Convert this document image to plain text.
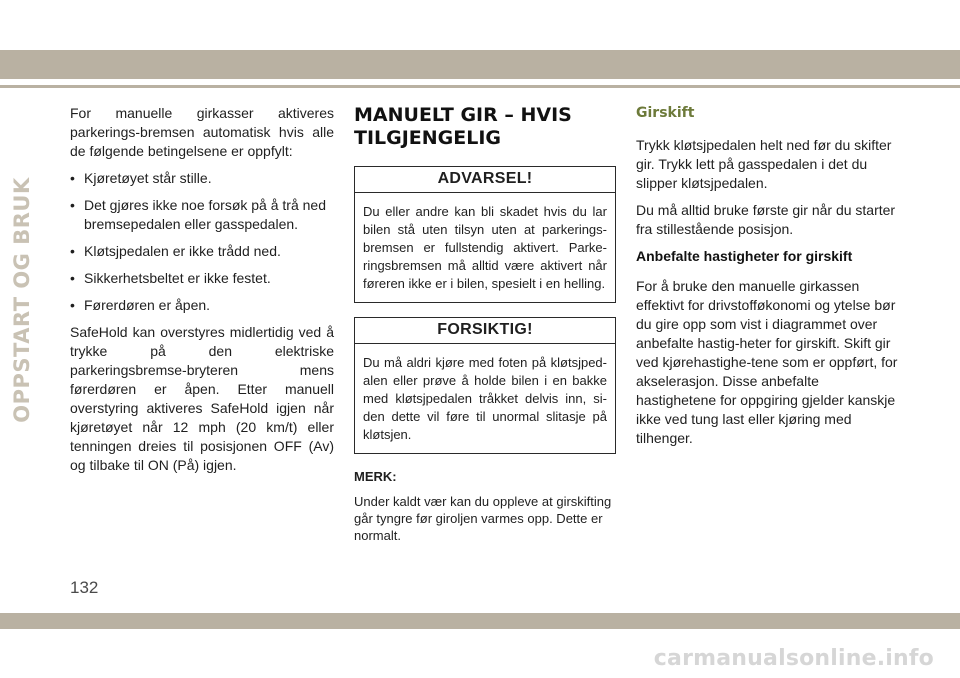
OPPSTART OG BRUK

For manuelle girkasser aktiveres parkerings-bremsen automatisk hvis alle de følgende betingelsene er oppfylt:

• Kjøretøyet står stille.

• Det gjøres ikke noe forsøk på å trå ned bremsepedalen eller gasspedalen.

• Kløtsjpedalen er ikke trådd ned.

• Sikkerhetsbeltet er ikke festet.

• Førerdøren er åpen.

SafeHold kan overstyres midlertidig ved å trykke på den elektriske parkeringsbremse-bryteren mens førerdøren er åpen. Etter manuell overstyring aktiveres SafeHold igjen når kjøretøyet når 12 mph (20 km/t) eller tenningen dreies til posisjonen OFF (Av) og tilbake til ON (På) igjen.

MANUELT GIR – HVIS TILGJENGELIG
ADVARSEL!
Du eller andre kan bli skadet hvis du lar bilen stå uten tilsyn uten at parkerings-bremsen er fullstendig aktivert. Parke-ringsbremsen må alltid være aktivert når føreren ikke er i bilen, spesielt i en helling.
FORSIKTIG!
Du må aldri kjøre med foten på kløtsjped-alen eller prøve å holde bilen i en bakke med kløtsjpedalen tråkket delvis inn, si-den dette vil føre til unormal slitasje på kløtsjen.

MERK:

Under kaldt vær kan du oppleve at girskifting går tyngre før giroljen varmes opp. Dette er normalt.

Girskift

Trykk kløtsjpedalen helt ned før du skifter gir. Trykk lett på gasspedalen i det du slipper kløtsjpedalen.

Du må alltid bruke første gir når du starter fra stillestående posisjon.

Anbefalte hastigheter for girskift

For å bruke den manuelle girkassen effektivt for drivstofføkonomi og ytelse bør du gire opp som vist i diagrammet over anbefalte hastig-heter for girskift. Skift gir ved kjørehastighe-tene som er oppført, for akselerasjon. Disse anbefalte hastighetene for oppgiring gjelder kanskje ikke ved tung last eller kjøring med tilhenger.

132
carmanualsonline.info
